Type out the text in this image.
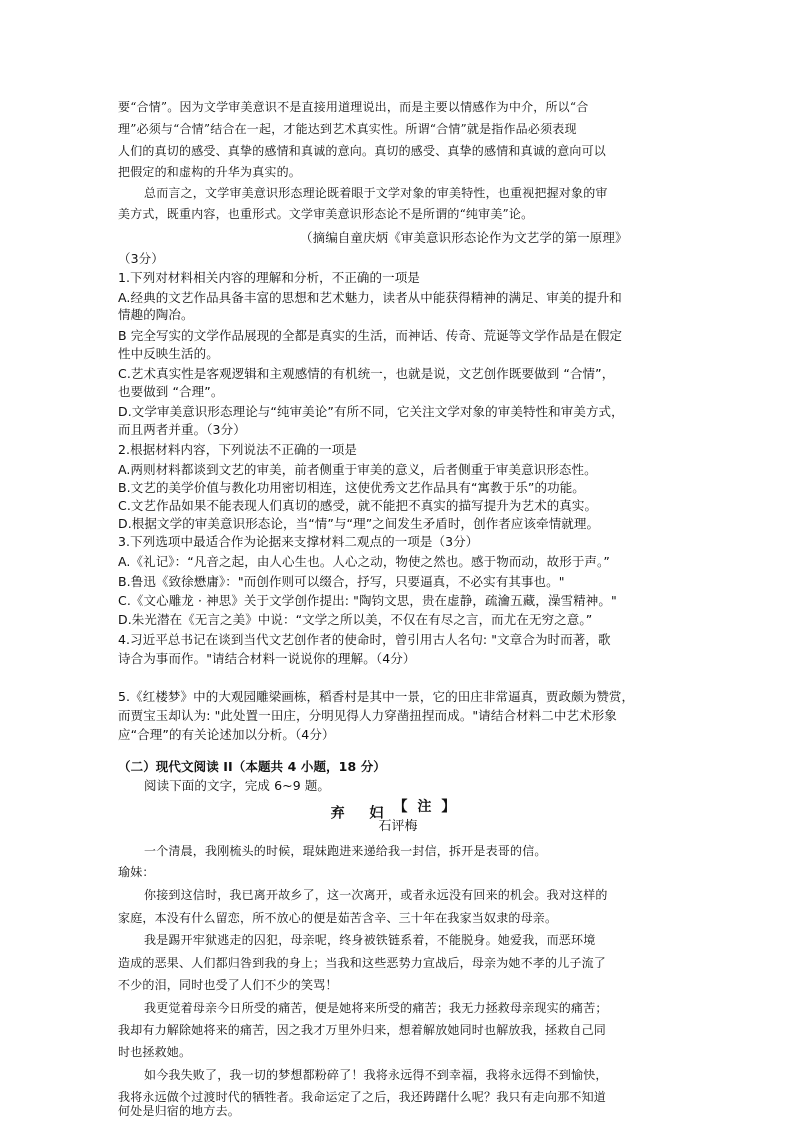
要“合情”。因为文学审美意识不是直接用道理说出，而是主要以情感作为中介，所以“合

理”必须与“合情”结合在一起，才能达到艺术真实性。所谓“合情”就是指作品必须表现

人们的真切的感受、真挚的感情和真诚的意向。真切的感受、真挚的感情和真诚的意向可以

把假定的和虚构的升华为真实的。

总而言之，文学审美意识形态理论既着眼于文学对象的审美特性，也重视把握对象的审

美方式，既重内容，也重形式。文学审美意识形态论不是所谓的“纯审美”论。

（摘编自童庆炳《审美意识形态论作为文艺学的第一原理》

（3分）

1.下列对材料相关内容的理解和分析，不正确的一项是

A.经典的文艺作品具备丰富的思想和艺术魅力，读者从中能获得精神的满足、审美的提升和

情趣的陶冶。

B 完全写实的文学作品展现的全都是真实的生活，而神话、传奇、荒诞等文学作品是在假定

性中反映生活的。

C.艺术真实性是客观逻辑和主观感情的有机统一，也就是说，文艺创作既要做到 “合情”，

也要做到 “合理”。

D.文学审美意识形态理论与“纯审美论”有所不同，它关注文学对象的审美特性和审美方式，

而且两者并重。（3分）

2.根据材料内容，下列说法不正确的一项是

A.两则材料都谈到文艺的审美，前者侧重于审美的意义，后者侧重于审美意识形态性。

B.文艺的美学价值与教化功用密切相连，这使优秀文艺作品具有“寓教于乐”的功能。

C.文艺作品如果不能表现人们真切的感受，就不能把不真实的描写提升为艺术的真实。

D.根据文学的审美意识形态论，当“情”与“理”之间发生矛盾时，创作者应该牵情就理。

3.下列选项中最适合作为论据来支撑材料二观点的一项是（3分）

A.《礼记》：“凡音之起，由人心生也。人心之动，物使之然也。感于物而动，故形于声。”

B.鲁迅《致徐懋庸》："而创作则可以缀合，抒写，只要逼真，不必实有其事也。"

C.《文心雕龙 · 神思》关于文学创作提出: "陶钧文思，贵在虚静，疏瀹五藏，澡雪精神。"

D.朱光潜在《无言之美》中说：“文学之所以美，不仅在有尽之言，而尤在无穷之意。”

4.习近平总书记在谈到当代文艺创作者的使命时，曾引用古人名句: "文章合为时而著，歌

诗合为事而作。"请结合材料一说说你的理解。（4分）

5.《红楼梦》中的大观园雕梁画栋，稻香村是其中一景，它的田庄非常逼真，贾政颇为赞赏，

而贾宝玉却认为: "此处置一田庄，分明见得人力穿凿扭捏而成。"请结合材料二中艺术形象

应“合理”的有关论述加以分析。（4分）

（二）现代文阅读 II（本题共 4 小题，18 分）

阅读下面的文字，完成 6~9 题。

弃 妇$^{【注】}$

石评梅

一个清晨，我刚梳头的时候，琨妹跑进来递给我一封信，拆开是表哥的信。

瑜妹：

你接到这信时，我已离开故乡了，这一次离开，或者永远没有回来的机会。我对这样的

家庭，本没有什么留恋，所不放心的便是茹苦含辛、三十年在我家当奴隶的母亲。

我是踢开牢狱逃走的囚犯，母亲呢，终身被铁链系着，不能脱身。她爱我，而恶环境

造成的恶果、人们都归咎到我的身上；当我和这些恶势力宣战后，母亲为她不孝的儿子流了

不少的泪，同时也受了人们不少的笑骂！

我更觉着母亲今日所受的痛苦，便是她将来所受的痛苦；我无力拯救母亲现实的痛苦；

我却有力解除她将来的痛苦，因之我才万里外归来，想着解放她同时也解放我，拯救自己同

时也拯救她。

如今我失败了，我一切的梦想都粉碎了！我将永远得不到幸福，我将永远得不到愉快，

我将永远做个过渡时代的牺牲者。我命运定了之后，我还踌躇什么呢？我只有走向那不知道

何处是归宿的地方去。
